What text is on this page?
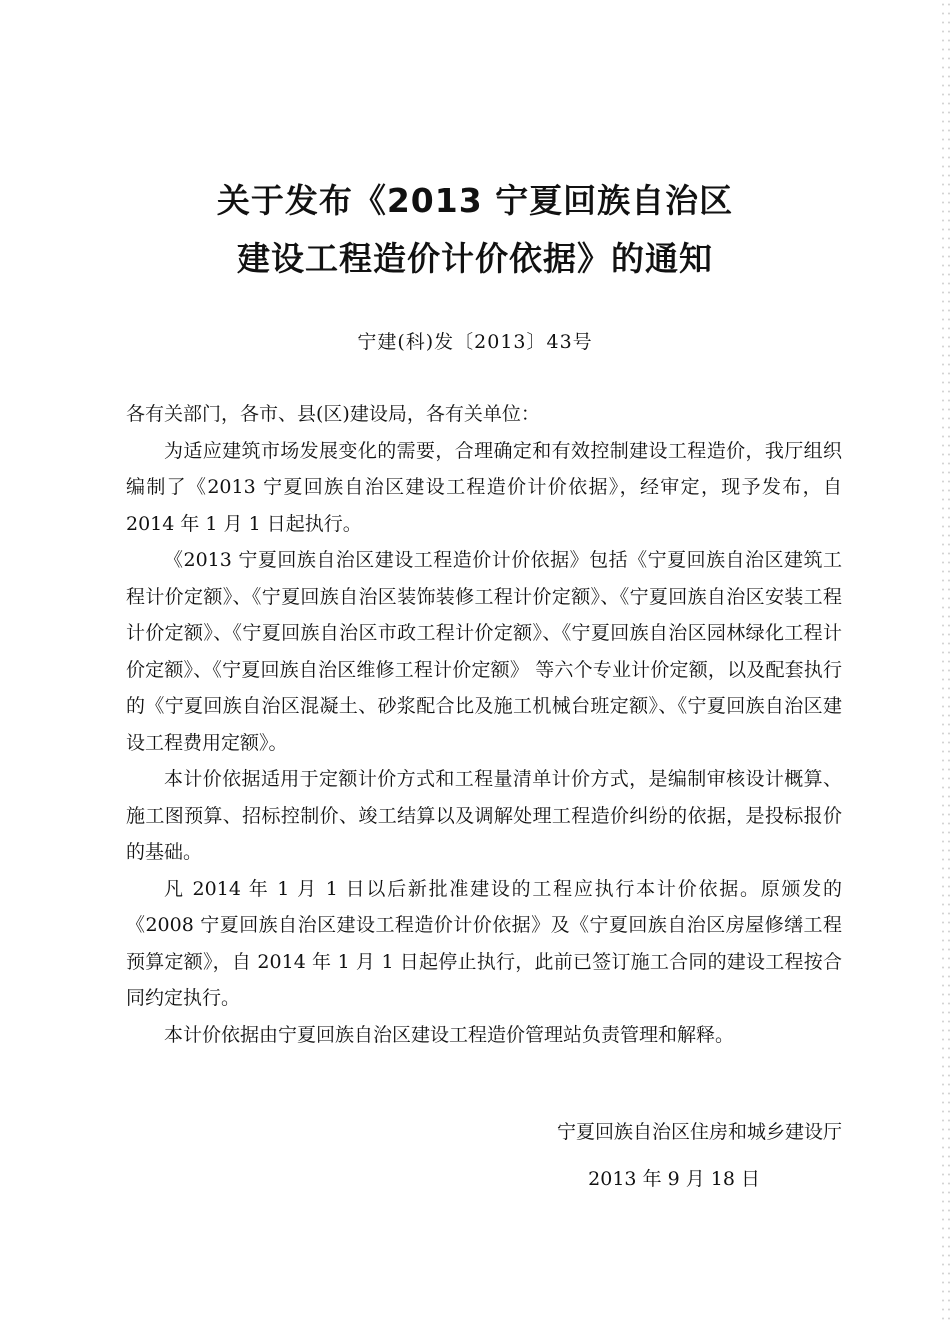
关于发布《2013 宁夏回族自治区
建设工程造价计价依据》的通知
宁建(科)发〔2013〕43号

各有关部门，各市、县(区)建设局，各有关单位：

为适应建筑市场发展变化的需要，合理确定和有效控制建设工程造价，我厅组织编制了《2013 宁夏回族自治区建设工程造价计价依据》，经审定，现予发布，自 2014 年 1 月 1 日起执行。

《2013 宁夏回族自治区建设工程造价计价依据》包括《宁夏回族自治区建筑工程计价定额》、《宁夏回族自治区装饰装修工程计价定额》、《宁夏回族自治区安装工程计价定额》、《宁夏回族自治区市政工程计价定额》、《宁夏回族自治区园林绿化工程计价定额》、《宁夏回族自治区维修工程计价定额》 等六个专业计价定额，以及配套执行的《宁夏回族自治区混凝土、砂浆配合比及施工机械台班定额》、《宁夏回族自治区建设工程费用定额》。

本计价依据适用于定额计价方式和工程量清单计价方式，是编制审核设计概算、施工图预算、招标控制价、竣工结算以及调解处理工程造价纠纷的依据，是投标报价的基础。

凡 2014 年 1 月 1 日以后新批准建设的工程应执行本计价依据。原颁发的《2008 宁夏回族自治区建设工程造价计价依据》及《宁夏回族自治区房屋修缮工程预算定额》，自 2014 年 1 月 1 日起停止执行，此前已签订施工合同的建设工程按合同约定执行。

本计价依据由宁夏回族自治区建设工程造价管理站负责管理和解释。

宁夏回族自治区住房和城乡建设厅
2013 年 9 月 18 日
